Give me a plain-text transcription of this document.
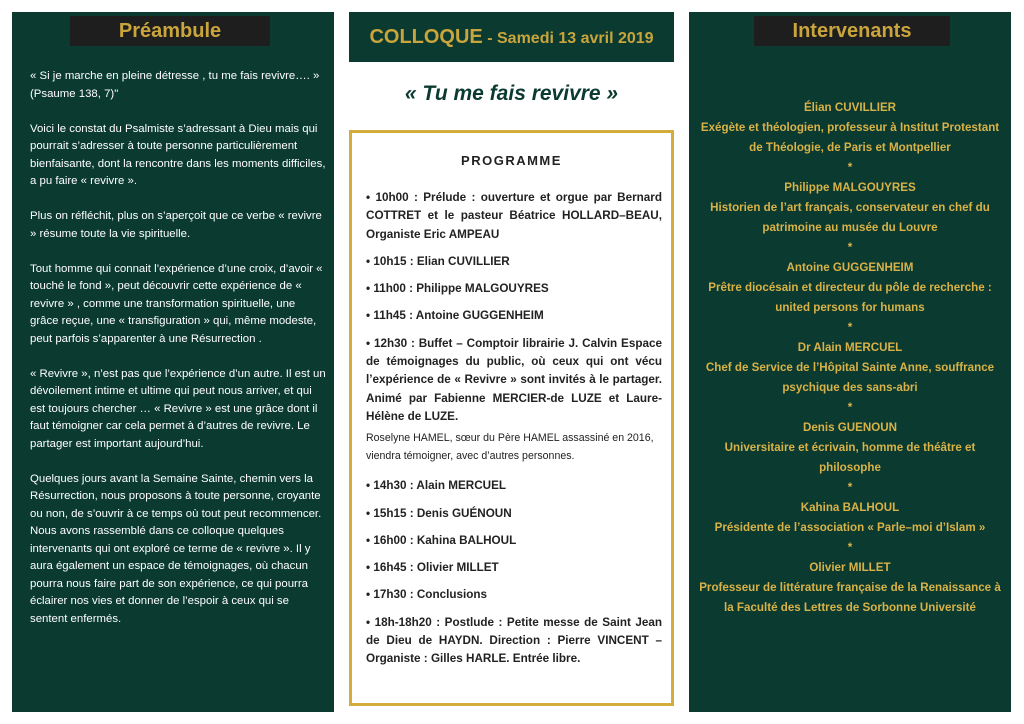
Préambule

« Si je marche en pleine détresse , tu me fais revivre…. » (Psaume 138, 7)"

Voici le constat du Psalmiste s’adressant à Dieu mais qui pourrait s’adresser à toute personne particulièrement bienfaisante, dont la rencontre dans les moments difficiles, a pu faire « revivre ».

Plus on réfléchit, plus on s’aperçoit que ce verbe « revivre » résume toute la vie spirituelle.

Tout homme qui connait l’expérience d’une croix, d’avoir « touché le fond », peut découvrir cette expérience de « revivre » , comme une transformation spirituelle, une grâce reçue, une « transfiguration » qui, même modeste, peut parfois s’apparenter à une Résurrection .

« Revivre », n’est pas que l’expérience d’un autre. Il est un dévoilement intime et ultime qui peut nous arriver, et qui est toujours chercher … « Revivre » est une grâce dont il faut témoigner car cela permet à d’autres de revivre. Le partager est important aujourd’hui.

Quelques jours avant la Semaine Sainte, chemin vers la Résurrection, nous proposons à toute personne, croyante ou non, de s’ouvrir à ce temps où tout peut recommencer. Nous avons rassemblé dans ce colloque quelques intervenants qui ont exploré ce terme de « revivre ». Il y aura également un espace de témoignages, où chacun pourra nous faire part de son expérience, ce qui pourra éclairer nos vies et donner de l’espoir à ceux qui se sentent enfermés.

COLLOQUE - Samedi 13 avril 2019
« Tu me fais revivre »
PROGRAMME
• 10h00 : Prélude : ouverture et orgue par Bernard COTTRET et le pasteur Béatrice HOLLARD–BEAU, Organiste Eric AMPEAU
• 10h15 : Elian CUVILLIER
• 11h00 : Philippe MALGOUYRES
• 11h45 : Antoine GUGGENHEIM
• 12h30 : Buffet – Comptoir librairie J. Calvin Espace de témoignages du public, où ceux qui ont vécu l’expérience de « Revivre » sont invités à le partager. Animé par Fabienne MERCIER-de LUZE et Laure-Hélène de LUZE.
Roselyne HAMEL, sœur du Père HAMEL assassiné en 2016, viendra témoigner, avec d’autres personnes.
• 14h30 : Alain MERCUEL
• 15h15 : Denis GUÉNOUN
• 16h00 : Kahina BALHOUL
• 16h45 : Olivier MILLET
• 17h30 : Conclusions
• 18h-18h20 : Postlude : Petite messe de Saint Jean de Dieu de HAYDN. Direction : Pierre VINCENT – Organiste : Gilles HARLE. Entrée libre.
Intervenants
Élian CUVILLIER
Exégète et théologien, professeur à Institut Protestant de Théologie, de Paris et Montpellier
*
Philippe MALGOUYRES
Historien de l’art français, conservateur en chef du patrimoine au musée du Louvre
*
Antoine GUGGENHEIM
Prêtre diocésain et directeur du pôle de recherche : united persons for humans
*
Dr Alain MERCUEL
Chef de Service de l’Hôpital Sainte Anne, souffrance psychique des sans-abri
*
Denis GUENOUN
Universitaire et écrivain, homme de théâtre et philosophe
*
Kahina BALHOUL
Présidente de l’association « Parle–moi d’Islam »
*
Olivier MILLET
Professeur de littérature française de la Renaissance à la Faculté des Lettres de Sorbonne Université
